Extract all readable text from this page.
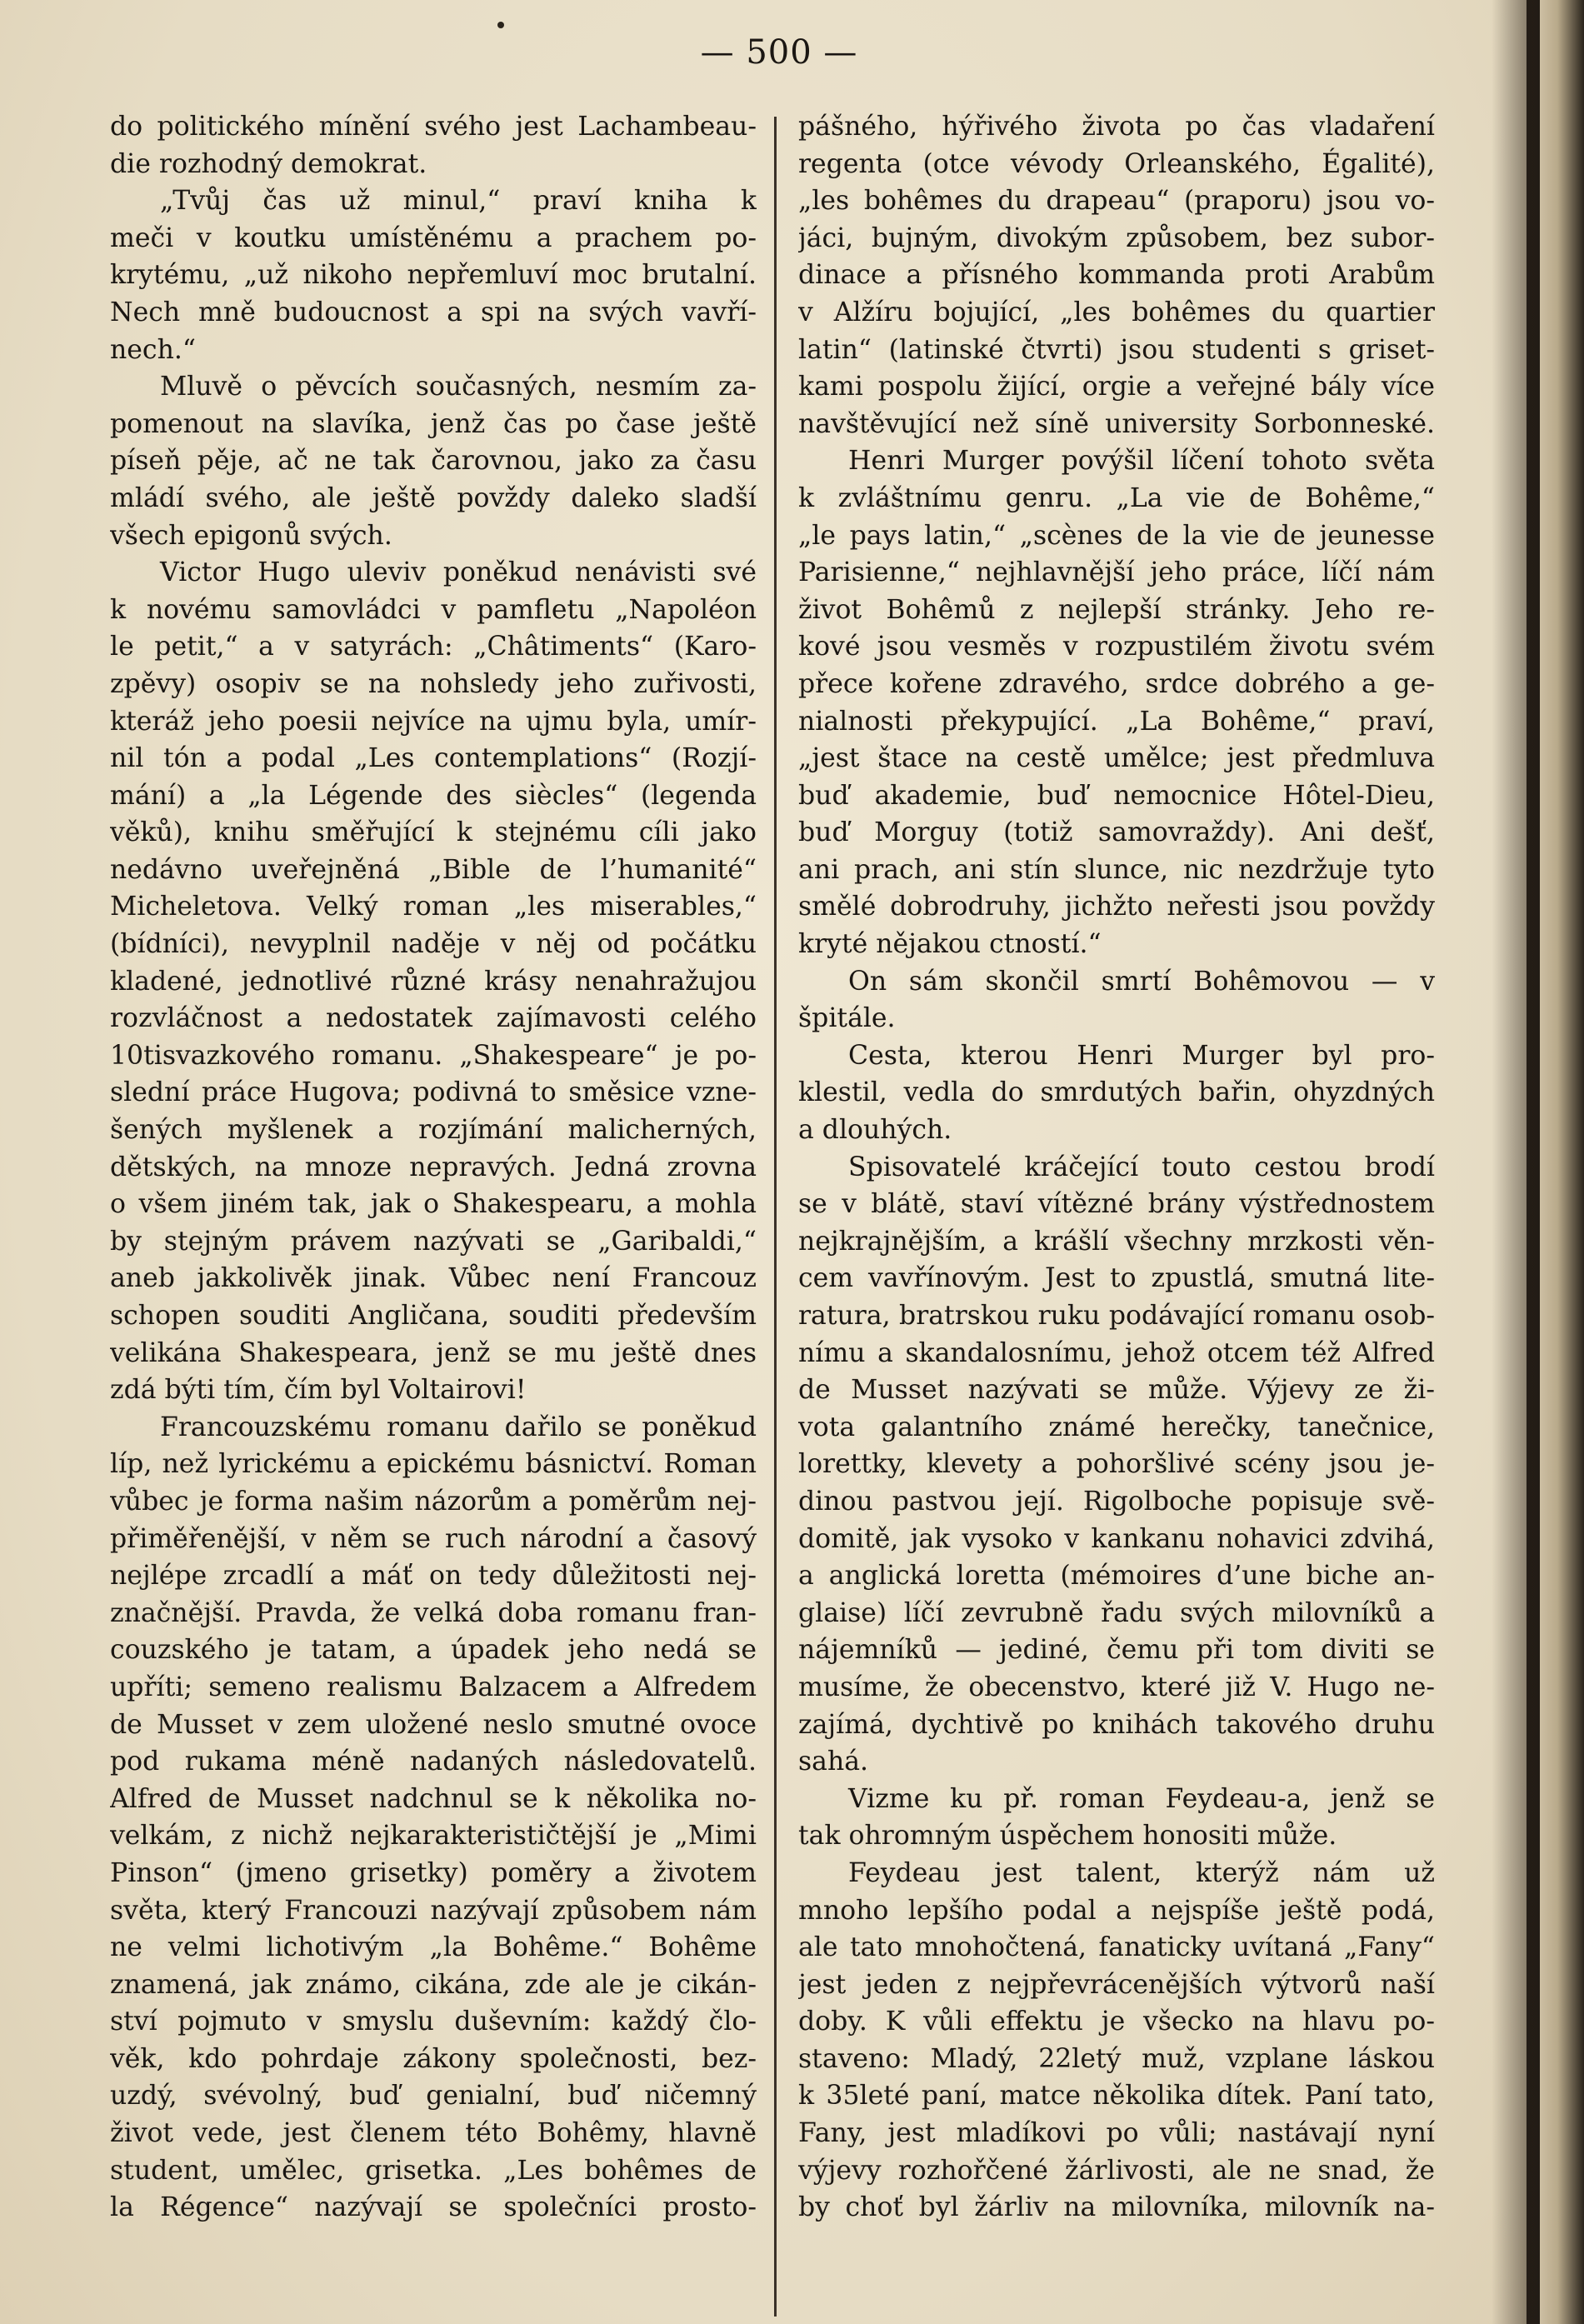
— 500 —
do politického mínění svého jest Lachambeau-
die rozhodný demokrat.
„Tvůj čas už minul,“ praví kniha k
meči v koutku umístěnému a prachem po-
krytému, „už nikoho nepřemluví moc brutalní.
Nech mně budoucnost a spi na svých vavří-
nech.“
Mluvě o pěvcích současných, nesmím za-
pomenout na slavíka, jenž čas po čase ještě
píseň pěje, ač ne tak čarovnou, jako za času
mládí svého, ale ještě povždy daleko sladší
všech epigonů svých.
Victor Hugo uleviv poněkud nenávisti své
k novému samovládci v pamfletu „Napoléon
le petit,“ a v satyrách: „Châtiments“ (Karo-
zpěvy) osopiv se na nohsledy jeho zuřivosti,
kteráž jeho poesii nejvíce na ujmu byla, umír-
nil tón a podal „Les contemplations“ (Rozjí-
mání) a „la Légende des siècles“ (legenda
věků), knihu směřující k stejnému cíli jako
nedávno uveřejněná „Bible de l’humanité“
Micheletova. Velký roman „les miserables,“
(bídníci), nevyplnil naděje v něj od počátku
kladené, jednotlivé různé krásy nenahražujou
rozvláčnost a nedostatek zajímavosti celého
10tisvazkového romanu. „Shakespeare“ je po-
slední práce Hugova; podivná to směsice vzne-
šených myšlenek a rozjímání malicherných,
dětských, na mnoze nepravých. Jedná zrovna
o všem jiném tak, jak o Shakespearu, a mohla
by stejným právem nazývati se „Garibaldi,“
aneb jakkolivěk jinak. Vůbec není Francouz
schopen souditi Angličana, souditi především
velikána Shakespeara, jenž se mu ještě dnes
zdá býti tím, čím byl Voltairovi!
Francouzskému romanu dařilo se poněkud
líp, než lyrickému a epickému básnictví. Roman
vůbec je forma našim názorům a poměrům nej-
přiměřenější, v něm se ruch národní a časový
nejlépe zrcadlí a máť on tedy důležitosti nej-
značnější. Pravda, že velká doba romanu fran-
couzského je tatam, a úpadek jeho nedá se
upříti; semeno realismu Balzacem a Alfredem
de Musset v zem uložené neslo smutné ovoce
pod rukama méně nadaných následovatelů.
Alfred de Musset nadchnul se k několika no-
velkám, z nichž nejkarakterističtější je „Mimi
Pinson“ (jmeno grisetky) poměry a životem
světa, který Francouzi nazývají způsobem nám
ne velmi lichotivým „la Bohême.“ Bohême
znamená, jak známo, cikána, zde ale je cikán-
ství pojmuto v smyslu duševním: každý člo-
věk, kdo pohrdaje zákony společnosti, bez-
uzdý, svévolný, buď genialní, buď ničemný
život vede, jest členem této Bohêmy, hlavně
student, umělec, grisetka. „Les bohêmes de
la Régence“ nazývají se společníci prosto-
pášného, hýřivého života po čas vladaření
regenta (otce vévody Orleanského, Égalité),
„les bohêmes du drapeau“ (praporu) jsou vo-
jáci, bujným, divokým způsobem, bez subor-
dinace a přísného kommanda proti Arabům
v Alžíru bojující, „les bohêmes du quartier
latin“ (latinské čtvrti) jsou studenti s griset-
kami pospolu žijící, orgie a veřejné bály více
navštěvující než síně university Sorbonneské.
Henri Murger povýšil líčení tohoto světa
k zvláštnímu genru. „La vie de Bohême,“
„le pays latin,“ „scènes de la vie de jeunesse
Parisienne,“ nejhlavnější jeho práce, líčí nám
život Bohêmů z nejlepší stránky. Jeho re-
kové jsou vesměs v rozpustilém životu svém
přece kořene zdravého, srdce dobrého a ge-
nialnosti překypující. „La Bohême,“ praví,
„jest štace na cestě umělce; jest předmluva
buď akademie, buď nemocnice Hôtel-Dieu,
buď Morguy (totiž samovraždy). Ani dešť,
ani prach, ani stín slunce, nic nezdržuje tyto
smělé dobrodruhy, jichžto neřesti jsou povždy
kryté nějakou ctností.“
On sám skončil smrtí Bohêmovou — v
špitále.
Cesta, kterou Henri Murger byl pro-
klestil, vedla do smrdutých bařin, ohyzdných
a dlouhých.
Spisovatelé kráčející touto cestou brodí
se v blátě, staví vítězné brány výstřednostem
nejkrajnějším, a krášlí všechny mrzkosti věn-
cem vavřínovým. Jest to zpustlá, smutná lite-
ratura, bratrskou ruku podávající romanu osob-
nímu a skandalosnímu, jehož otcem též Alfred
de Musset nazývati se může. Výjevy ze ži-
vota galantního známé herečky, tanečnice,
lorettky, klevety a pohoršlivé scény jsou je-
dinou pastvou její. Rigolboche popisuje svě-
domitě, jak vysoko v kankanu nohavici zdvihá,
a anglická loretta (mémoires d’une biche an-
glaise) líčí zevrubně řadu svých milovníků a
nájemníků — jediné, čemu při tom diviti se
musíme, že obecenstvo, které již V. Hugo ne-
zajímá, dychtivě po knihách takového druhu
sahá.
Vizme ku př. roman Feydeau-a, jenž se
tak ohromným úspěchem honositi může.
Feydeau jest talent, kterýž nám už
mnoho lepšího podal a nejspíše ještě podá,
ale tato mnohočtená, fanaticky uvítaná „Fany“
jest jeden z nejpřevrácenějších výtvorů naší
doby. K vůli effektu je všecko na hlavu po-
staveno: Mladý, 22letý muž, vzplane láskou
k 35leté paní, matce několika dítek. Paní tato,
Fany, jest mladíkovi po vůli; nastávají nyní
výjevy rozhořčené žárlivosti, ale ne snad, že
by choť byl žárliv na milovníka, milovník na-
